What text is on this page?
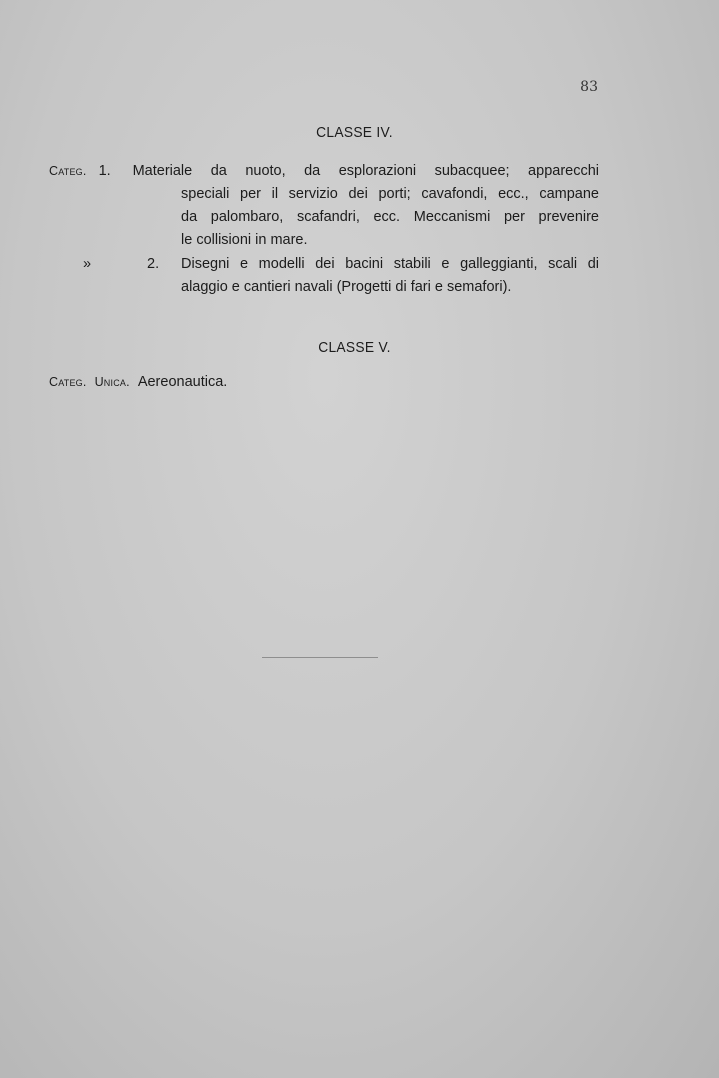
83
CLASSE IV.
Categ. 1.	Materiale da nuoto, da esplorazioni subacquee; apparecchi
speciali per il servizio dei porti; cavafondi, ecc., campane
da palombaro, scafandri, ecc. Meccanismi per prevenire
le collisioni in mare.
»	2.	Disegni e modelli dei bacini stabili e galleggianti, scali di
alaggio e cantieri navali (Progetti di fari e semafori).
CLASSE V.
Categ. Unica. Aereonautica.
